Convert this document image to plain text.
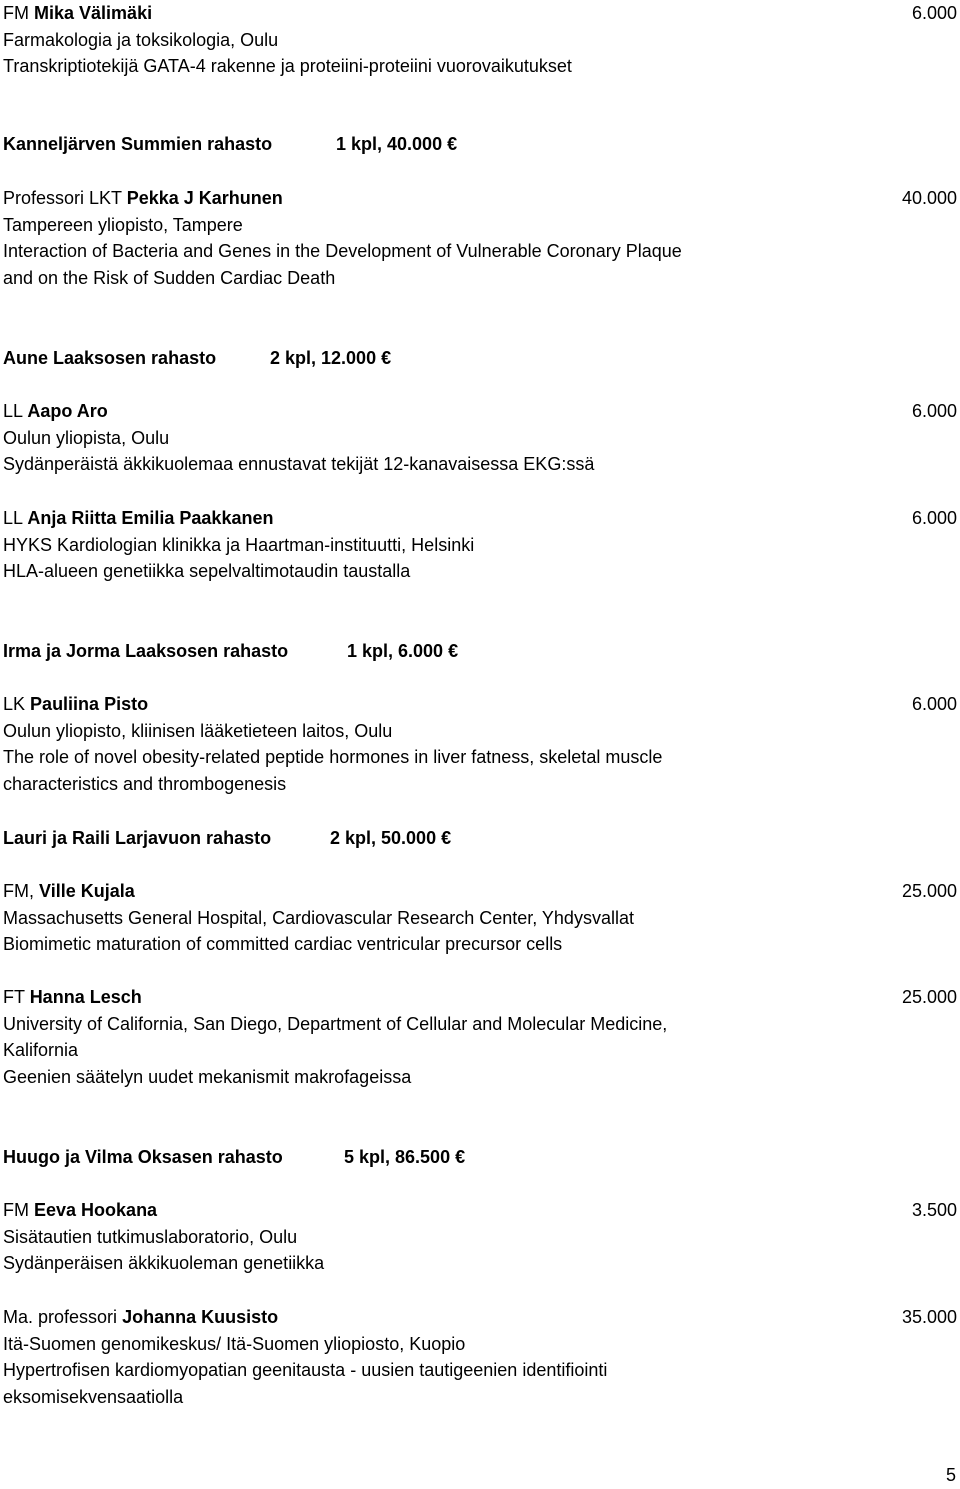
FM Mika Välimäki	6.000
Farmakologia ja toksikologia, Oulu
Transkriptiotekijä GATA-4 rakenne ja proteiini-proteiini vuorovaikutukset
Kanneljärven Summien rahasto	1 kpl, 40.000 €
Professori LKT Pekka J Karhunen	40.000
Tampereen yliopisto, Tampere
Interaction of Bacteria and Genes in the Development of Vulnerable Coronary Plaque
and on the Risk of Sudden Cardiac Death
Aune Laaksosen rahasto	2 kpl, 12.000 €
LL Aapo Aro	6.000
Oulun yliopista, Oulu
Sydänperäistä äkkikuolemaa ennustavat tekijät 12-kanavaisessa EKG:ssä
LL Anja Riitta Emilia Paakkanen	6.000
HYKS Kardiologian klinikka ja Haartman-instituutti, Helsinki
HLA-alueen genetiikka sepelvaltimotaudin taustalla
Irma ja Jorma Laaksosen rahasto	1 kpl, 6.000 €
LK Pauliina Pisto	6.000
Oulun yliopisto, kliinisen lääketieteen laitos, Oulu
The role of novel obesity-related peptide hormones in liver fatness, skeletal muscle
characteristics and thrombogenesis
Lauri ja Raili Larjavuon rahasto	2 kpl, 50.000 €
FM, Ville Kujala	25.000
Massachusetts General Hospital, Cardiovascular Research Center, Yhdysvallat
Biomimetic maturation of committed cardiac ventricular precursor cells
FT Hanna Lesch	25.000
University of California, San Diego, Department of Cellular and Molecular Medicine,
Kalifornia
Geenien säätelyn uudet mekanismit makrofageissa
Huugo ja Vilma Oksasen rahasto	5 kpl, 86.500 €
FM Eeva Hookana	3.500
Sisätautien tutkimuslaboratorio, Oulu
Sydänperäisen äkkikuoleman genetiikka
Ma. professori Johanna Kuusisto	35.000
Itä-Suomen genomikeskus/ Itä-Suomen yliopiosto, Kuopio
Hypertrofisen kardiomyopatian geenitausta - uusien tautigeenien identifiointi
eksomisekvensaatiolla
5
